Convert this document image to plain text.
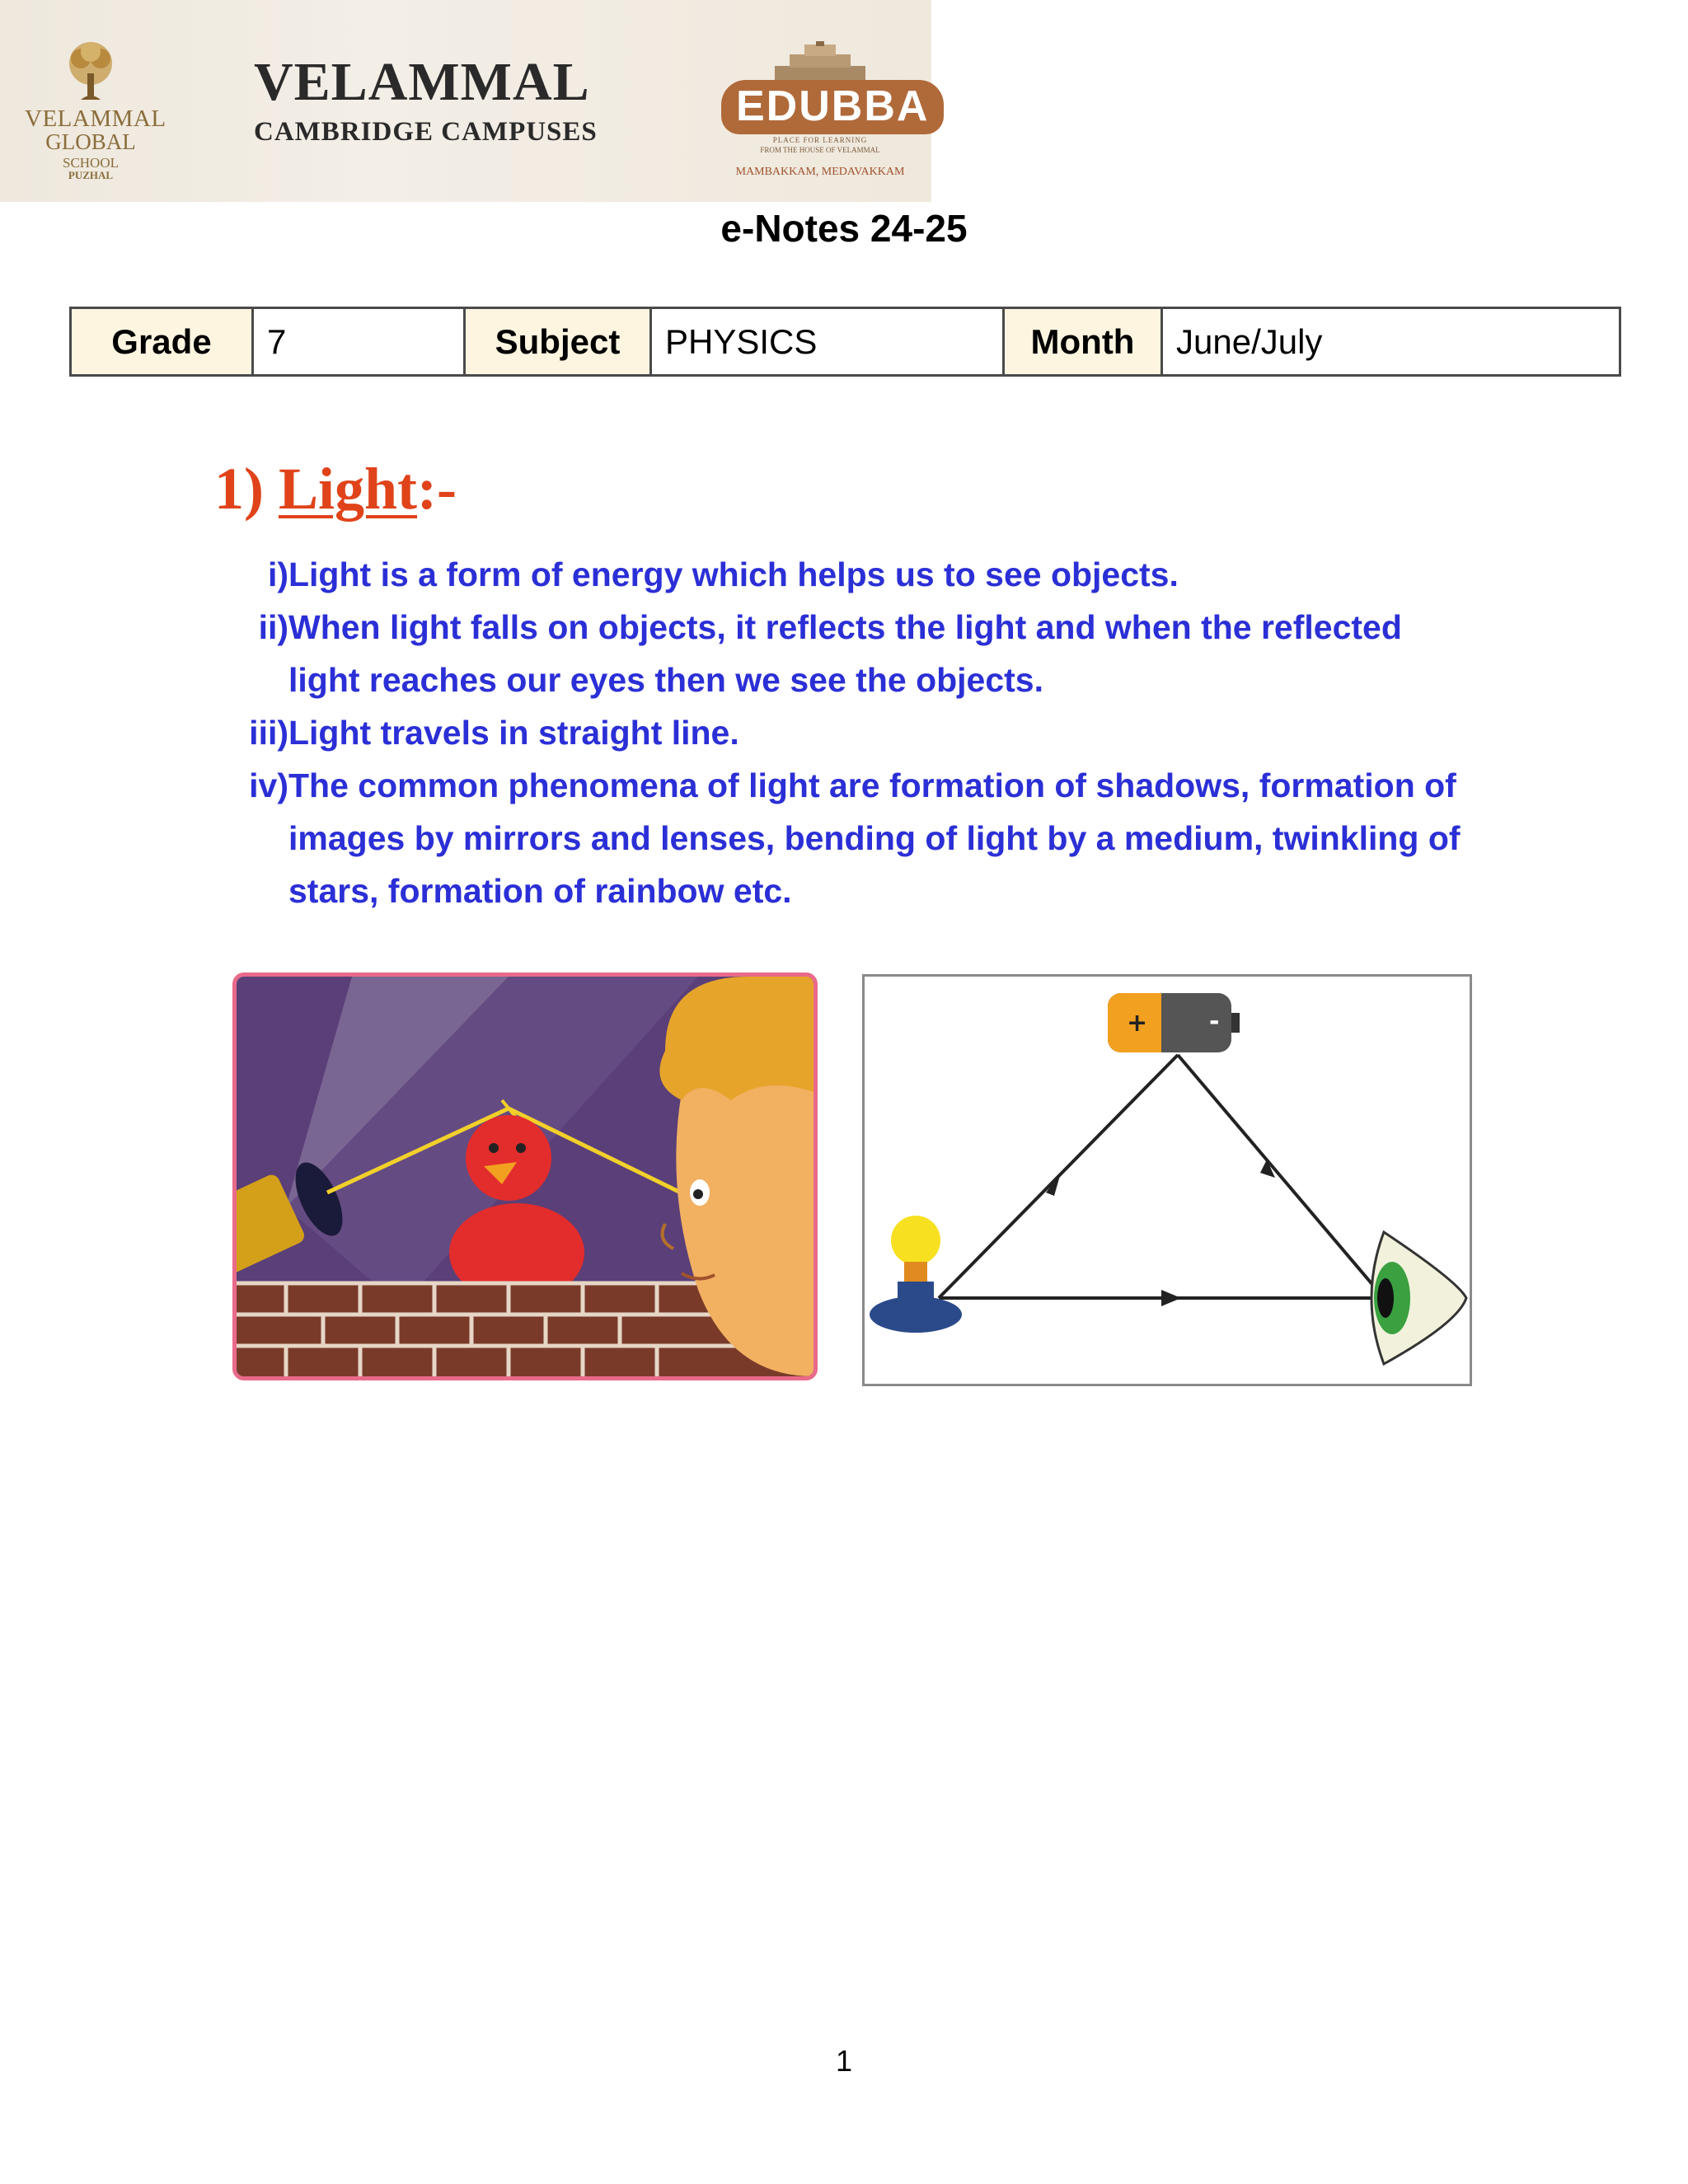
VELAMMAL
GLOBAL
SCHOOL
PUZHAL
VELAMMAL
CAMBRIDGE CAMPUSES
EDUBBA
PLACE FOR LEARNING
FROM THE HOUSE OF VELAMMAL
MAMBAKKAM, MEDAVAKKAM
e-Notes 24-25
Grade	7	Subject	PHYSICS	Month	June/July
1) Light:-
i) Light is a form of energy which helps us to see objects.
ii) When light falls on objects, it reflects the light and when the reflected light reaches our eyes then we see the objects.
iii) Light travels in straight line.
iv) The common phenomena of light are formation of shadows, formation of images by mirrors and lenses, bending of light by a medium, twinkling of stars, formation of rainbow etc.
+ -
1
